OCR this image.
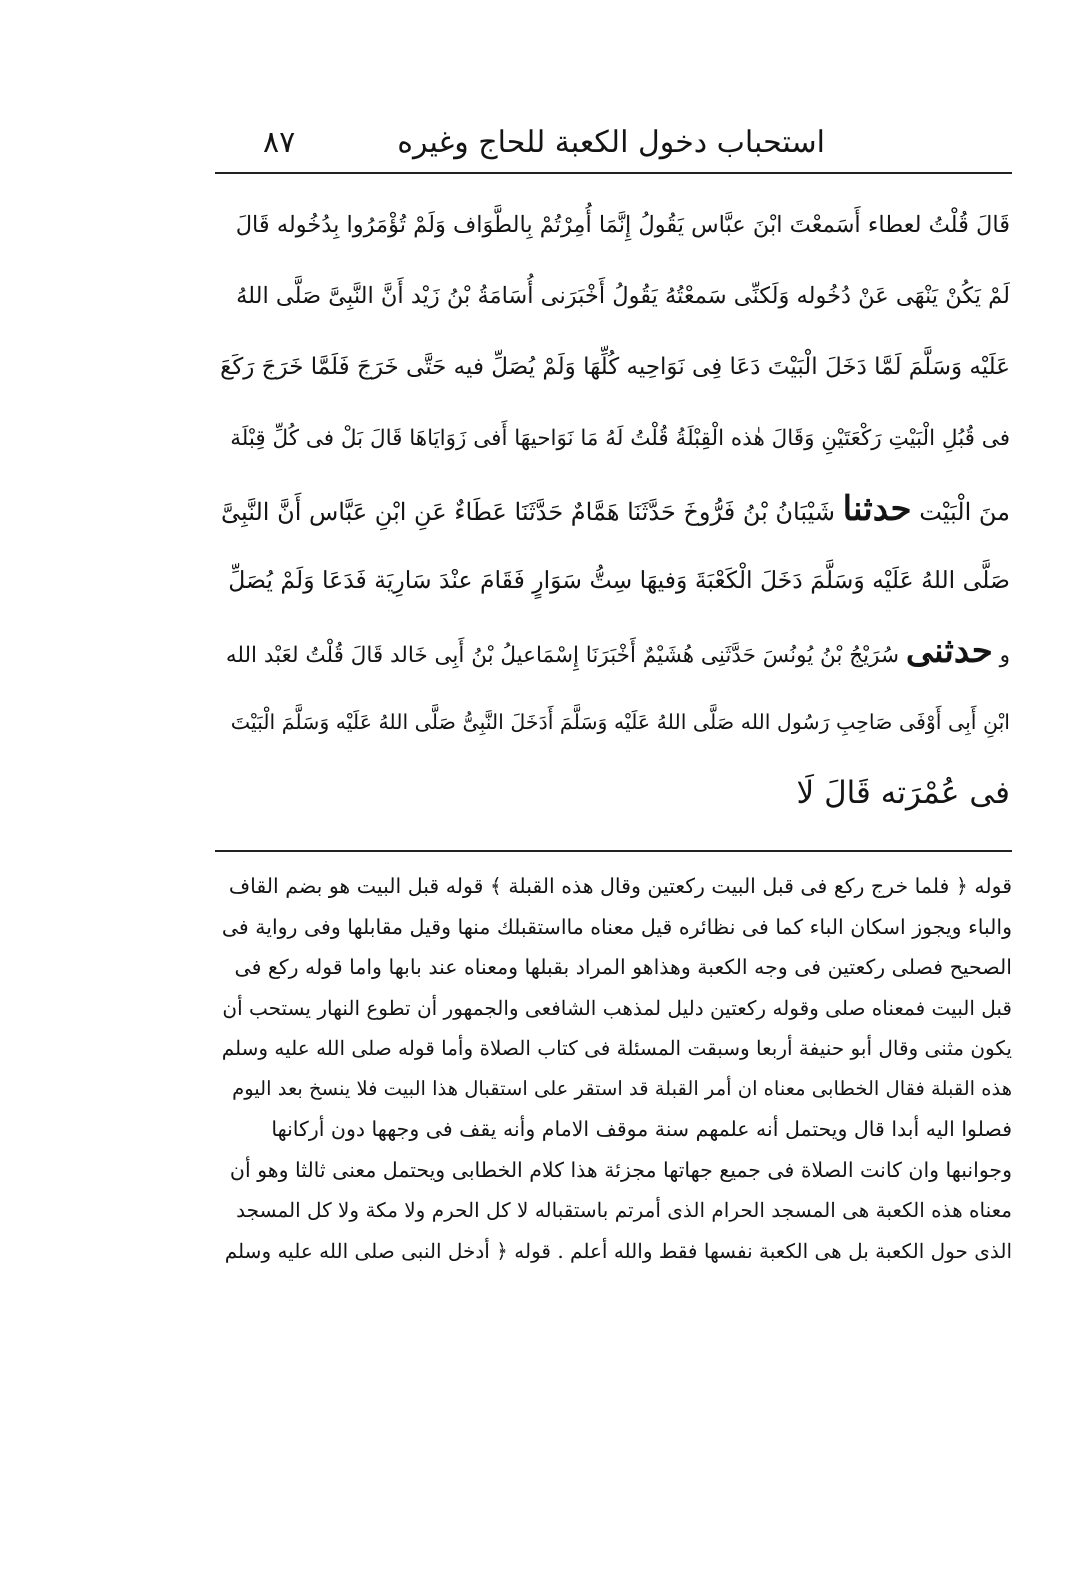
استحباب دخول الكعبة للحاج وغيره
٨٧
قَالَ قُلْتُ لعطاء أَسَمعْتَ ابْنَ عبَّاس يَقُولُ إِنَّمَا أُمِرْتُمْ بِالطَّوَاف وَلَمْ تُؤْمَرُوا بِدُخُوله قَالَ
لَمْ يَكُنْ يَنْهَى عَنْ دُخُوله وَلَكنِّى سَمعْتُهُ يَقُولُ أَخْبَرَنى أُسَامَةُ بْنُ زَيْد أَنَّ النَّبِىَّ صَلَّى اللهُ
عَلَيْه وَسَلَّمَ لَمَّا دَخَلَ الْبَيْتَ دَعَا فِى نَوَاحِيه كُلِّهَا وَلَمْ يُصَلِّ فيه حَتَّى خَرَجَ فَلَمَّا خَرَجَ رَكَعَ
فى قُبُلِ الْبَيْتِ رَكْعَتَيْنِ وَقَالَ هٰذه الْقِبْلَةُ قُلْتُ لَهُ مَا نَوَاحيهَا أَفى زَوَايَاهَا قَالَ بَلْ فى كُلِّ قِبْلَة
منَ الْبَيْت حدثنا شَيْبَانُ بْنُ فَرُّوخَ حَدَّثَنَا هَمَّامٌ حَدَّثَنَا عَطَاءٌ عَنِ ابْنِ عَبَّاس أَنَّ النَّبِىَّ
صَلَّى اللهُ عَلَيْه وَسَلَّمَ دَخَلَ الْكَعْبَةَ وَفيهَا سِتُّ سَوَارٍ فَقَامَ عنْدَ سَارِيَة فَدَعَا وَلَمْ يُصَلِّ
و حدثنى سُرَيْجُ بْنُ يُونُسَ حَدَّثَنِى هُشَيْمٌ أَخْبَرَنَا إِسْمَاعيلُ بْنُ أَبِى خَالد قَالَ قُلْتُ لعَبْد الله
ابْنِ أَبِى أَوْفَى صَاحِبِ رَسُول الله صَلَّى اللهُ عَلَيْه وَسَلَّمَ أَدَخَلَ النَّبِىُّ صَلَّى اللهُ عَلَيْه وَسَلَّمَ الْبَيْتَ
فى عُمْرَته قَالَ لَا
قوله ﴿ فلما خرج ركع فى قبل البيت ركعتين وقال هذه القبلة ﴾ قوله قبل البيت هو بضم القاف
والباء ويجوز اسكان الباء كما فى نظائره قيل معناه مااستقبلك منها وقيل مقابلها وفى رواية فى
الصحيح فصلى ركعتين فى وجه الكعبة وهذاهو المراد بقبلها ومعناه عند بابها واما قوله ركع فى
قبل البيت فمعناه صلى وقوله ركعتين دليل لمذهب الشافعى والجمهور أن تطوع النهار يستحب أن
يكون مثنى وقال أبو حنيفة أربعا وسبقت المسئلة فى كتاب الصلاة وأما قوله صلى الله عليه وسلم
هذه القبلة فقال الخطابى معناه ان أمر القبلة قد استقر على استقبال هذا البيت فلا ينسخ بعد اليوم
فصلوا اليه أبدا قال ويحتمل أنه علمهم سنة موقف الامام وأنه يقف فى وجهها دون أركانها
وجوانبها وان كانت الصلاة فى جميع جهاتها مجزئة هذا كلام الخطابى ويحتمل معنى ثالثا وهو أن
معناه هذه الكعبة هى المسجد الحرام الذى أمرتم باستقباله لا كل الحرم ولا مكة ولا كل المسجد
الذى حول الكعبة بل هى الكعبة نفسها فقط والله أعلم . قوله ﴿ أدخل النبى صلى الله عليه وسلم
